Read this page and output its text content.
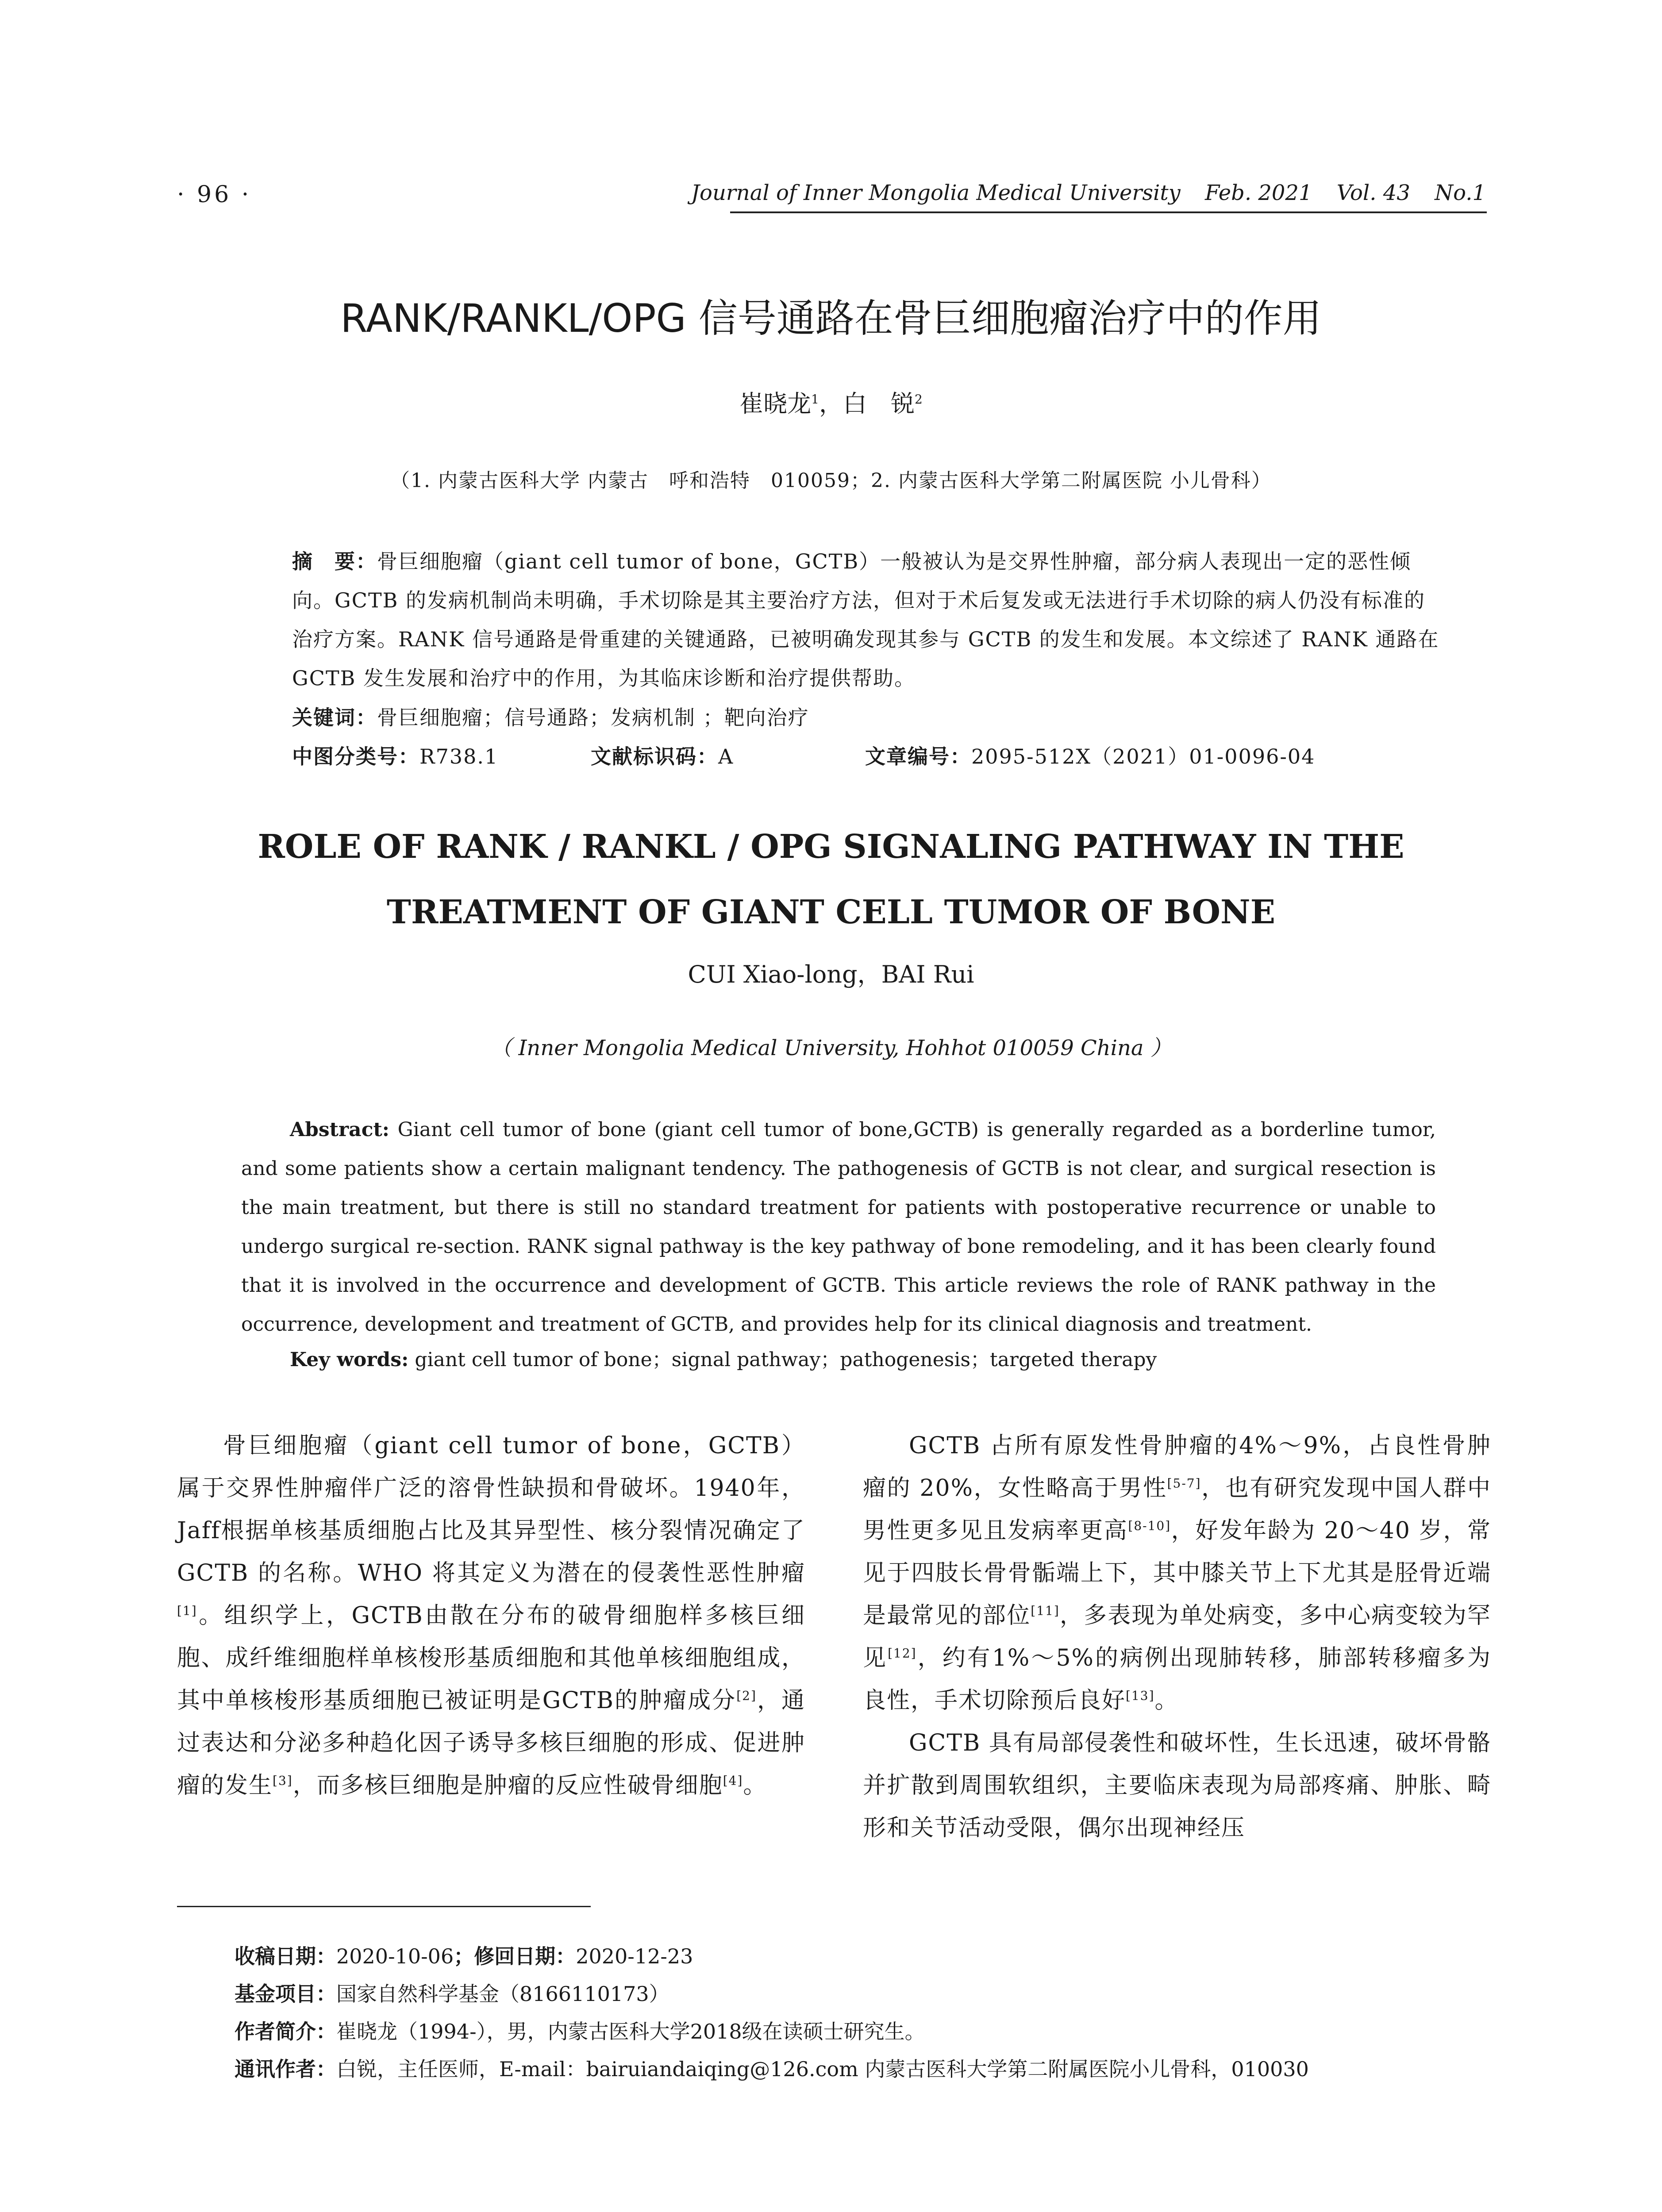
· 96 ·	Journal of Inner Mongolia Medical University Feb. 2021 Vol. 43 No.1
RANK/RANKL/OPG 信号通路在骨巨细胞瘤治疗中的作用
崔晓龙$^1$，白　锐$^2$
（1. 内蒙古医科大学 内蒙古　呼和浩特　010059；2. 内蒙古医科大学第二附属医院 小儿骨科）
摘　要：骨巨细胞瘤（giant cell tumor of bone，GCTB）一般被认为是交界性肿瘤，部分病人表现出一定的恶性倾向。GCTB 的发病机制尚未明确，手术切除是其主要治疗方法，但对于术后复发或无法进行手术切除的病人仍没有标准的治疗方案。RANK 信号通路是骨重建的关键通路，已被明确发现其参与 GCTB 的发生和发展。本文综述了 RANK 通路在 GCTB 发生发展和治疗中的作用，为其临床诊断和治疗提供帮助。
关键词：骨巨细胞瘤；信号通路；发病机制 ；靶向治疗
中图分类号：R738.1	文献标识码：A	文章编号：2095-512X（2021）01-0096-04
ROLE OF RANK / RANKL / OPG SIGNALING PATHWAY IN THE
TREATMENT OF GIANT CELL TUMOR OF BONE
CUI Xiao-long，BAI Rui
（ Inner Mongolia Medical University, Hohhot 010059 China ）
Abstract: Giant cell tumor of bone (giant cell tumor of bone,GCTB) is generally regarded as a borderline tumor, and some patients show a certain malignant tendency. The pathogenesis of GCTB is not clear, and surgical resection is the main treatment, but there is still no standard treatment for patients with postoperative recurrence or unable to undergo surgical re-section. RANK signal pathway is the key pathway of bone remodeling, and it has been clearly found that it is involved in the occurrence and development of GCTB. This article reviews the role of RANK pathway in the occurrence, development and treatment of GCTB, and provides help for its clinical diagnosis and treatment.
Key words: giant cell tumor of bone；signal pathway；pathogenesis；targeted therapy

骨巨细胞瘤（giant cell tumor of bone，GCTB）属于交界性肿瘤伴广泛的溶骨性缺损和骨破坏。1940年，Jaff根据单核基质细胞占比及其异型性、核分裂情况确定了 GCTB 的名称。WHO 将其定义为潜在的侵袭性恶性肿瘤[1]。组织学上，GCTB由散在分布的破骨细胞样多核巨细胞、成纤维细胞样单核梭形基质细胞和其他单核细胞组成，其中单核梭形基质细胞已被证明是GCTB的肿瘤成分[2]，通过表达和分泌多种趋化因子诱导多核巨细胞的形成、促进肿瘤的发生[3]，而多核巨细胞是肿瘤的反应性破骨细胞[4]。

GCTB 占所有原发性骨肿瘤的4%～9%，占良性骨肿瘤的 20%，女性略高于男性[5-7]，也有研究发现中国人群中男性更多见且发病率更高[8-10]，好发年龄为 20～40 岁，常见于四肢长骨骨骺端上下，其中膝关节上下尤其是胫骨近端是最常见的部位[11]，多表现为单处病变，多中心病变较为罕见[12]，约有1%～5%的病例出现肺转移，肺部转移瘤多为良性，手术切除预后良好[13]。

GCTB 具有局部侵袭性和破坏性，生长迅速，破坏骨骼并扩散到周围软组织，主要临床表现为局部疼痛、肿胀、畸形和关节活动受限，偶尔出现神经压

收稿日期：2020-10-06；修回日期：2020-12-23
基金项目：国家自然科学基金（8166110173）
作者简介：崔晓龙（1994-），男，内蒙古医科大学2018级在读硕士研究生。
通讯作者：白锐，主任医师，E-mail：bairuiandaiqing@126.com 内蒙古医科大学第二附属医院小儿骨科，010030
